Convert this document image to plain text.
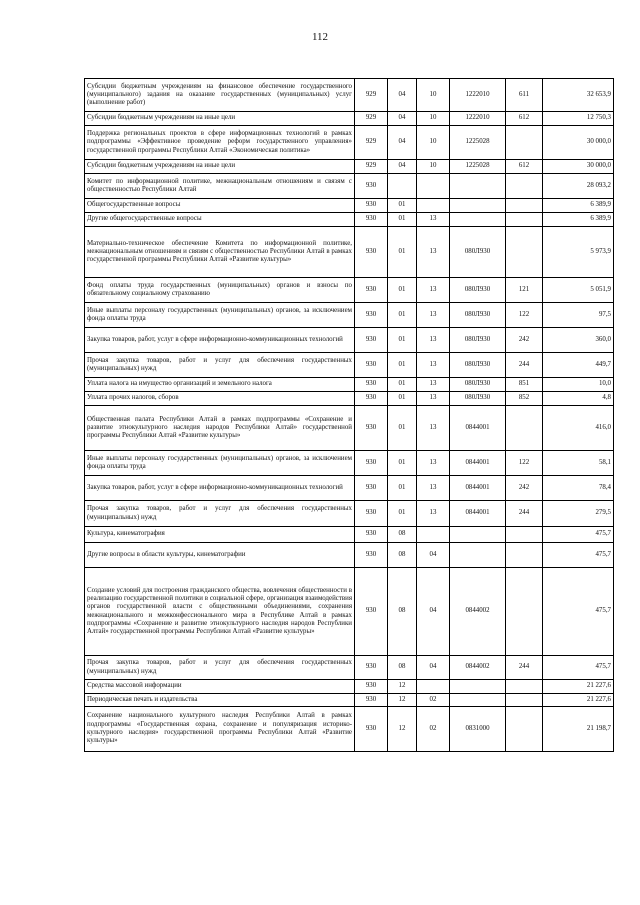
112
Субсидии бюджетным учреждениям на финансовое обеспечение государственного (муниципального) задания на оказание государственных (муниципальных) услуг (выполнение работ)	929	04	10	1222010	611	32 653,9
Субсидии бюджетным учреждениям на иные цели	929	04	10	1222010	612	12 750,3
Поддержка региональных проектов в сфере информационных технологий в рамках подпрограммы «Эффективное проведение реформ государственного управления» государственной программы Республики Алтай «Экономическая политика»	929	04	10	1225028		30 000,0
Субсидии бюджетным учреждениям на иные цели	929	04	10	1225028	612	30 000,0
Комитет по информационной политике, межнациональным отношениям и связям с общественностью Республики Алтай	930					28 093,2
Общегосударственные вопросы	930	01				6 389,9
Другие общегосударственные вопросы	930	01	13			6 389,9
Материально-техническое обеспечение Комитета по информационной политике, межнациональным отношениям и связям с общественностью Республики Алтай в рамках государственной программы Республики Алтай «Развитие культуры»	930	01	13	080Л930		5 973,9
Фонд оплаты труда государственных (муниципальных) органов и взносы по обязательному социальному страхованию	930	01	13	080Л930	121	5 051,9
Иные выплаты персоналу государственных (муниципальных) органов, за исключением фонда оплаты труда	930	01	13	080Л930	122	97,5
Закупка товаров, работ, услуг в сфере информационно-коммуникационных технологий	930	01	13	080Л930	242	360,0
Прочая закупка товаров, работ и услуг для обеспечения государственных (муниципальных) нужд	930	01	13	080Л930	244	449,7
Уплата налога на имущество организаций и земельного налога	930	01	13	080Л930	851	10,0
Уплата прочих налогов, сборов	930	01	13	080Л930	852	4,8
Общественная палата Республики Алтай в рамках подпрограммы «Сохранение и развитие этнокультурного наследия народов Республики Алтай» государственной программы Республики Алтай «Развитие культуры»	930	01	13	0844001		416,0
Иные выплаты персоналу государственных (муниципальных) органов, за исключением фонда оплаты труда	930	01	13	0844001	122	58,1
Закупка товаров, работ, услуг в сфере информационно-коммуникационных технологий	930	01	13	0844001	242	78,4
Прочая закупка товаров, работ и услуг для обеспечения государственных (муниципальных) нужд	930	01	13	0844001	244	279,5
Культура, кинематография	930	08				475,7
Другие вопросы в области культуры, кинематографии	930	08	04			475,7
Создание условий для построения гражданского общества, вовлечения общественности в реализацию государственной политики в социальной сфере, организация взаимодействия органов государственной власти с общественными объединениями, сохранения межнационального и межконфессионального мира в Республике Алтай в рамках подпрограммы «Сохранение и развитие этнокультурного наследия народов Республики Алтай» государственной программы Республики Алтай «Развитие культуры»	930	08	04	0844002		475,7
Прочая закупка товаров, работ и услуг для обеспечения государственных (муниципальных) нужд	930	08	04	0844002	244	475,7
Средства массовой информации	930	12				21 227,6
Периодическая печать и издательства	930	12	02			21 227,6
Сохранение национального культурного наследия Республики Алтай в рамках подпрограммы «Государственная охрана, сохранение и популяризация историко-культурного наследия» государственной программы Республики Алтай «Развитие культуры»	930	12	02	0831000		21 198,7
